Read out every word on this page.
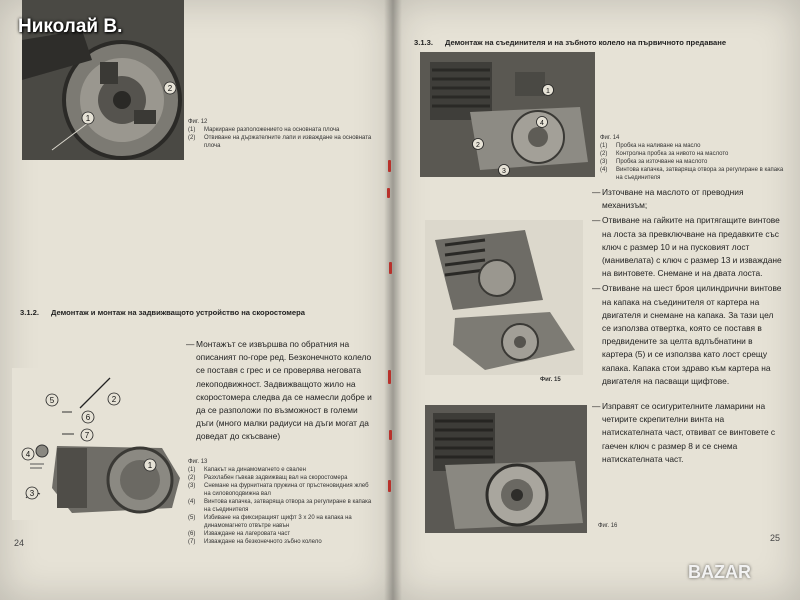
2
1
Николай В.
Фиг. 12
(1)	Маркиране разположението на основната плоча
(2)	Отвиване на държателните лапи и изваждане на основната плоча
3.1.2. Демонтаж и монтаж на задвижващото устройство на скоростомера
— Монтажът се извършва по обратния на описаният по-горе ред. Безконечното колело се поставя с грес и се проверява неговата лекоподвижност. Задвижващото жило на скоростомера следва да се намесли добре и да се разположи по възможност в големи дъги (много малки радиуси на дъги могат да доведат до скъсване)
2
5
6
7
4
1
3
Фиг. 13
(1)	Капакът на динамомагнето е свален
(2)	Разхлабен гъвкав задвижващ вал на скоростомера
(3)	Снемане на фурнитната пружина от пръстеновидния жлеб на силовоподвижна вал
(4)	Винтова капачка, затваряща отвора за регулиране в капака на съединителя
(5)	Избиване на фиксиращият щифт 3 х 20 на капака на динамомагнето отвътре навън
(6)	Изваждане на лагеровата част
(7)	Изваждане на безконечното зъбно колело
24
3.1.3. Демонтаж на съединителя и на зъбното колело на първичното предаване
1
4
2
3
Фиг. 14
(1)	Пробка на наливане на масло
(2)	Контролна пробка за нивото на маслото
(3)	Пробка за източване на маслото
(4)	Винтова капачка, затваряща отвора за регулиране в капака на съединителя
Фиг. 15
— Източване на маслото от преводния механизъм;
— Отвиване на гайките на притягащите винтове на лоста за превключване на предавките със ключ с размер 10 и на пусковият лост (манивелата) с ключ с размер 13 и изваждане на винтовете. Снемане и на двата лоста.
— Отвиване на шест броя цилиндрични винтове на капака на съединителя от картера на двигателя и снемане на капака. За тази цел се използва отвертка, която се поставя в предвидените за целта вдлъбнатини в картера (5) и се използва като лост срещу капака. Капака стои здраво към картера на двигателя на пасващи щифтове.
Фиг. 16
— Изправят се осигурителните ламарини на четирите скрепителни винта на натискателната част, отвиват се винтовете с гаечен ключ с размер 8 и се снема натискателната част.
25
BAZAR
